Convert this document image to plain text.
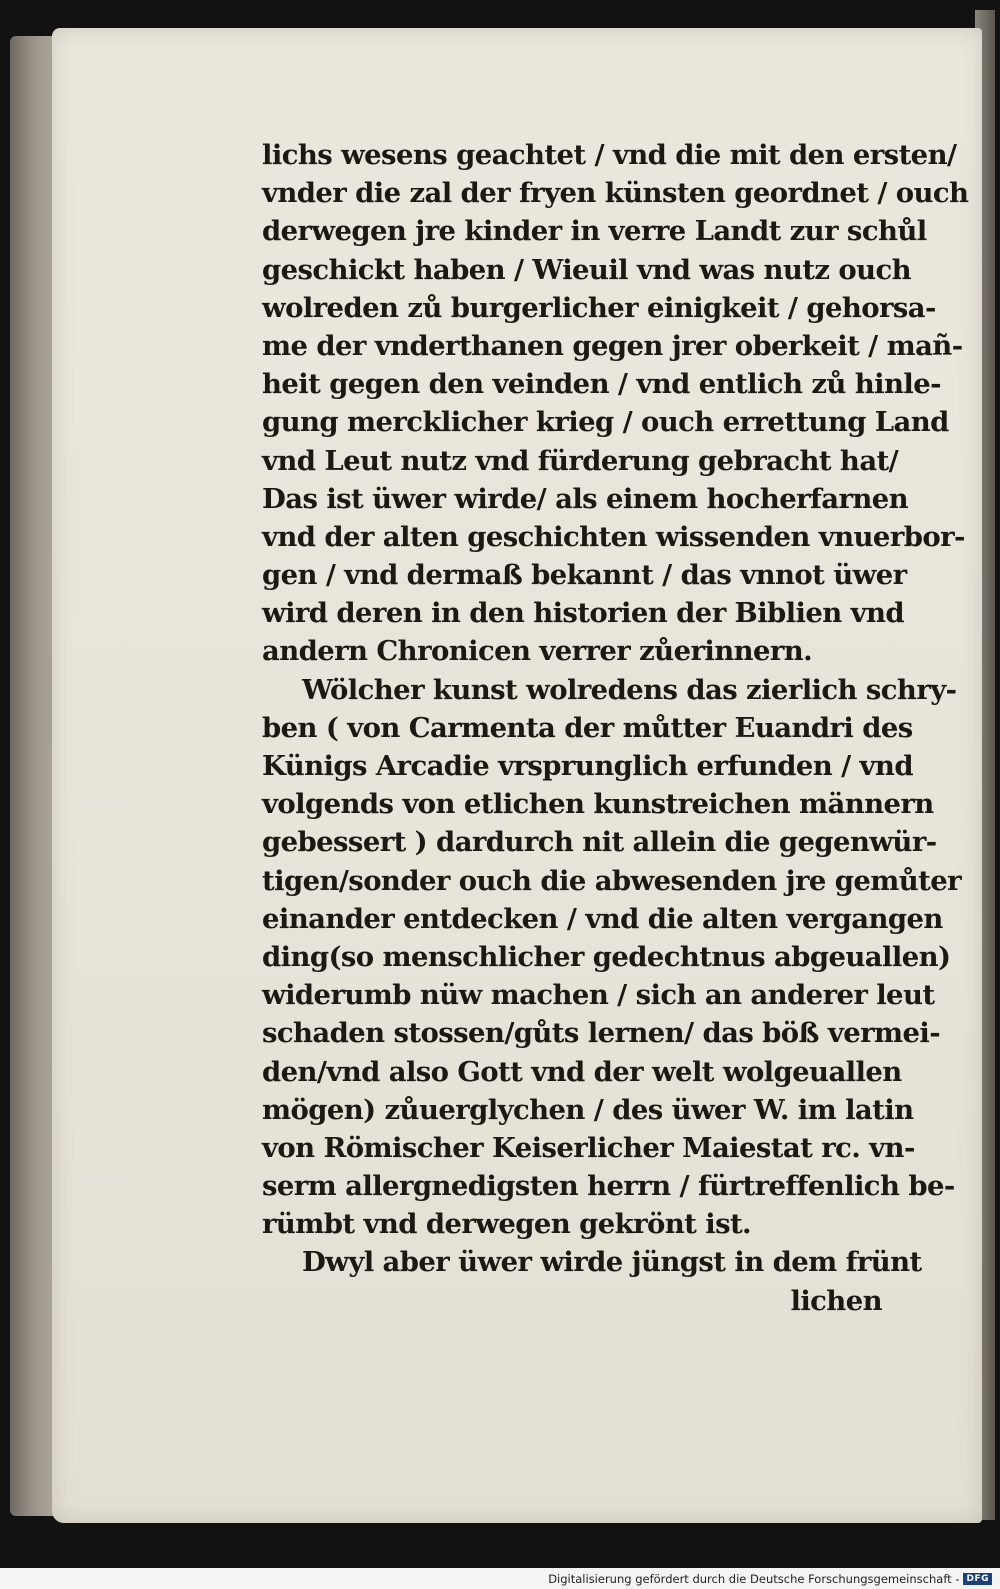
lichs wesens geachtet / vnd die mit den ersten/
vnder die zal der fryen künsten geordnet / ouch
derwegen jre kinder in verre Landt zur schůl
geschickt haben / Wieuil vnd was nutz ouch
wolreden zů burgerlicher einigkeit / gehorsa-
me der vnderthanen gegen jrer oberkeit / mañ-
heit gegen den veinden / vnd entlich zů hinle-
gung mercklicher krieg / ouch errettung Land
vnd Leut nutz vnd fürderung gebracht hat/
Das ist üwer wirde/ als einem hocherfarnen
vnd der alten geschichten wissenden vnuerbor-
gen / vnd dermaß bekannt / das vnnot üwer
wird deren in den historien der Biblien vnd
andern Chronicen verrer zůerinnern.
Wölcher kunst wolredens das zierlich schry-
ben ( von Carmenta der můtter Euandri des
Künigs Arcadie vrsprunglich erfunden / vnd
volgends von etlichen kunstreichen männern
gebessert ) dardurch nit allein die gegenwür-
tigen/sonder ouch die abwesenden jre gemůter
einander entdecken / vnd die alten vergangen
ding(so menschlicher gedechtnus abgeuallen)
widerumb nüw machen / sich an anderer leut
schaden stossen/gůts lernen/ das böß vermei-
den/vnd also Gott vnd der welt wolgeuallen
mögen) zůuerglychen / des üwer W. im latin
von Römischer Keiserlicher Maiestat rc. vn-
serm allergnedigsten herrn / fürtreffenlich be-
rümbt vnd derwegen gekrönt ist.
Dwyl aber üwer wirde jüngst in dem frünt
lichen
Digitalisierung gefördert durch die Deutsche Forschungsgemeinschaft - DFG
